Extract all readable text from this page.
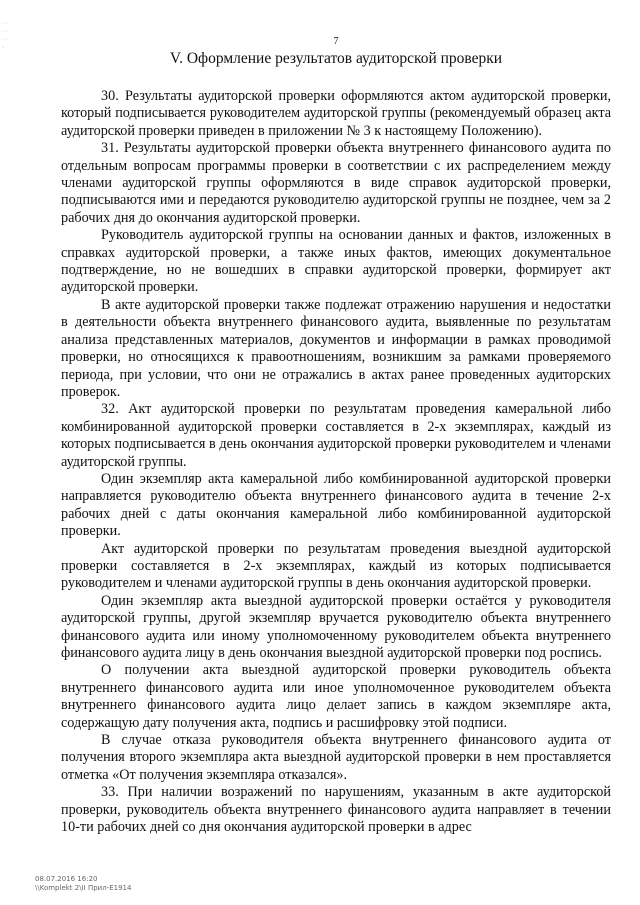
· · · · · · ·
7
V. Оформление результатов аудиторской проверки

30. Результаты аудиторской проверки оформляются актом аудиторской проверки, который подписывается руководителем аудиторской группы (рекомендуемый образец акта аудиторской проверки приведен в приложении № 3 к настоящему Положению).

31. Результаты аудиторской проверки объекта внутреннего финансового аудита по отдельным вопросам программы проверки в соответствии с их распределением между членами аудиторской группы оформляются в виде справок аудиторской проверки, подписываются ими и передаются руководителю аудиторской группы не позднее, чем за 2 рабочих дня до окончания аудиторской проверки.

Руководитель аудиторской группы на основании данных и фактов, изложенных в справках аудиторской проверки, а также иных фактов, имеющих документальное подтверждение, но не вошедших в справки аудиторской проверки, формирует акт аудиторской проверки.

В акте аудиторской проверки также подлежат отражению нарушения и недостатки в деятельности объекта внутреннего финансового аудита, выявленные по результатам анализа представленных материалов, документов и информации в рамках проводимой проверки, но относящихся к правоотношениям, возникшим за рамками проверяемого периода, при условии, что они не отражались в актах ранее проведенных аудиторских проверок.

32. Акт аудиторской проверки по результатам проведения камеральной либо комбинированной аудиторской проверки составляется в 2-х экземплярах, каждый из которых подписывается в день окончания аудиторской проверки руководителем и членами аудиторской группы.

Один экземпляр акта камеральной либо комбинированной аудиторской проверки направляется руководителю объекта внутреннего финансового аудита в течение 2-х рабочих дней с даты окончания камеральной либо комбинированной аудиторской проверки.

Акт аудиторской проверки по результатам проведения выездной аудиторской проверки составляется в 2-х экземплярах, каждый из которых подписывается руководителем и членами аудиторской группы в день окончания аудиторской проверки.

Один экземпляр акта выездной аудиторской проверки остаётся у руководителя аудиторской группы, другой экземпляр вручается руководителю объекта внутреннего финансового аудита или иному уполномоченному руководителем объекта внутреннего финансового аудита лицу в день окончания выездной аудиторской проверки под роспись.

О получении акта выездной аудиторской проверки руководитель объекта внутреннего финансового аудита или иное уполномоченное руководителем объекта внутреннего финансового аудита лицо делает запись в каждом экземпляре акта, содержащую дату получения акта, подпись и расшифровку этой подписи.

В случае отказа руководителя объекта внутреннего финансового аудита от получения второго экземпляра акта выездной аудиторской проверки в нем проставляется отметка «От получения экземпляра отказался».

33. При наличии возражений по нарушениям, указанным в акте аудиторской проверки, руководитель объекта внутреннего финансового аудита направляет в течении 10-ти рабочих дней со дня окончания аудиторской проверки в адрес

08.07.2016 16:20
\\Komplekt 2\II Прил-Е1914
